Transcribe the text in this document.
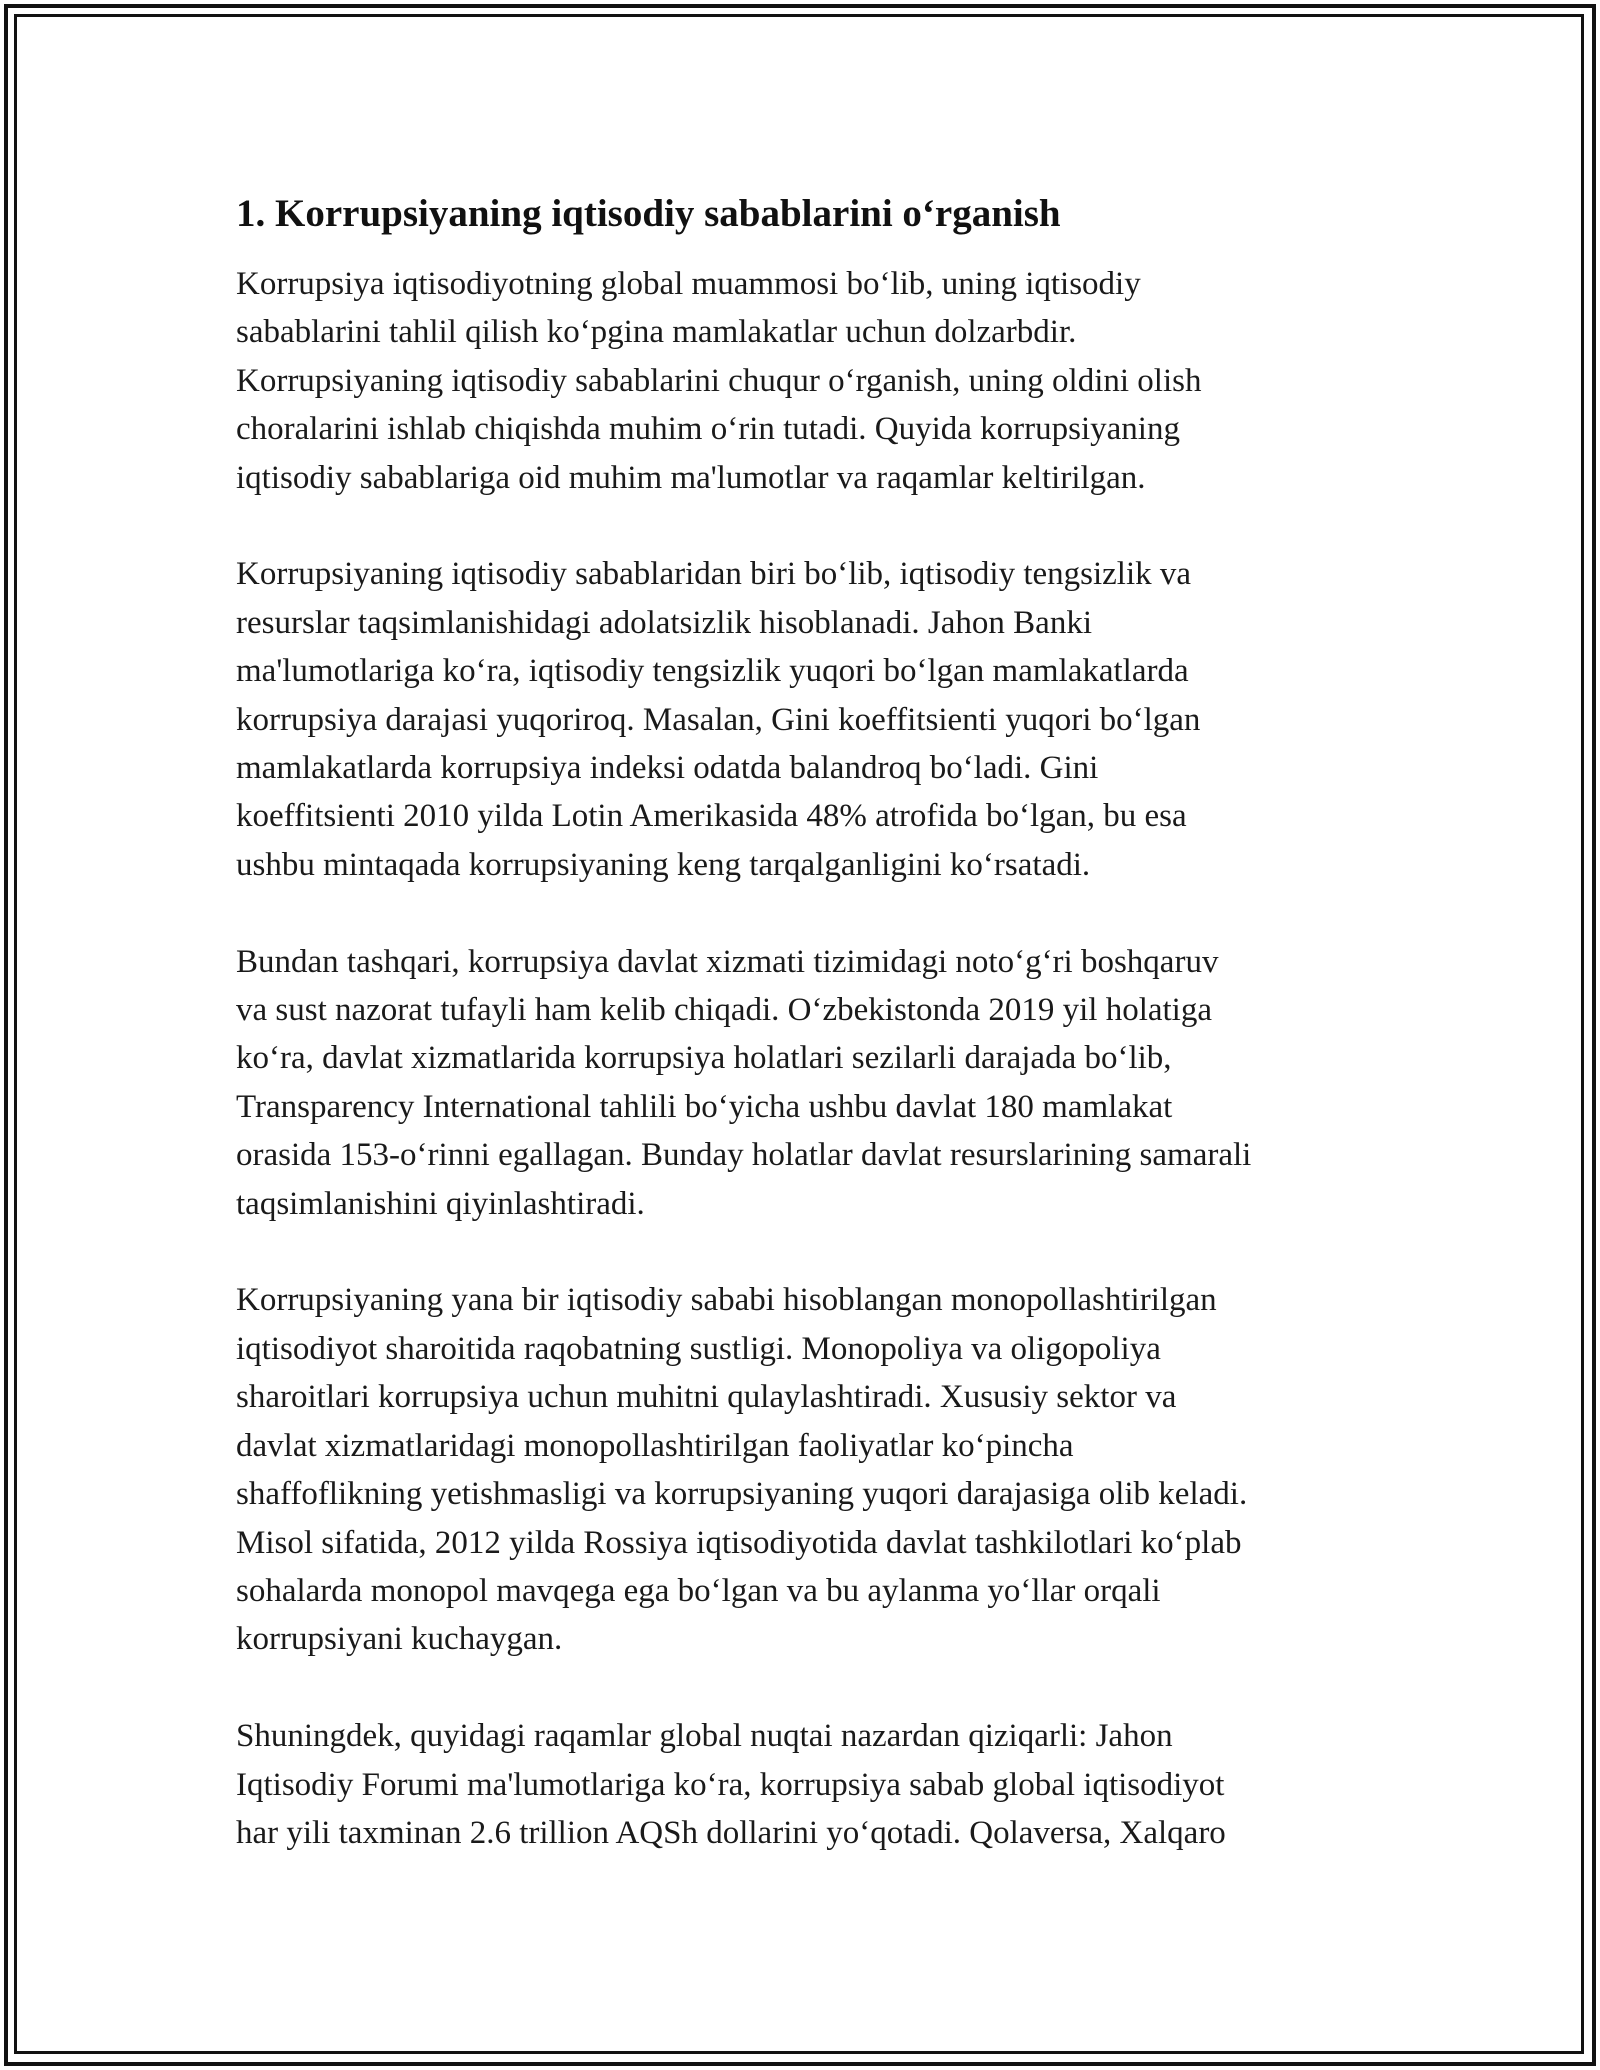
1. Korrupsiyaning iqtisodiy sabablarini o‘rganish

Korrupsiya iqtisodiyotning global muammosi bo‘lib, uning iqtisodiy
sabablarini tahlil qilish ko‘pgina mamlakatlar uchun dolzarbdir.
Korrupsiyaning iqtisodiy sabablarini chuqur o‘rganish, uning oldini olish
choralarini ishlab chiqishda muhim o‘rin tutadi. Quyida korrupsiyaning
iqtisodiy sabablariga oid muhim ma'lumotlar va raqamlar keltirilgan.

Korrupsiyaning iqtisodiy sabablaridan biri bo‘lib, iqtisodiy tengsizlik va
resurslar taqsimlanishidagi adolatsizlik hisoblanadi. Jahon Banki
ma'lumotlariga ko‘ra, iqtisodiy tengsizlik yuqori bo‘lgan mamlakatlarda
korrupsiya darajasi yuqoriroq. Masalan, Gini koeffitsienti yuqori bo‘lgan
mamlakatlarda korrupsiya indeksi odatda balandroq bo‘ladi. Gini
koeffitsienti 2010 yilda Lotin Amerikasida 48% atrofida bo‘lgan, bu esa
ushbu mintaqada korrupsiyaning keng tarqalganligini ko‘rsatadi.

Bundan tashqari, korrupsiya davlat xizmati tizimidagi noto‘g‘ri boshqaruv
va sust nazorat tufayli ham kelib chiqadi. O‘zbekistonda 2019 yil holatiga
ko‘ra, davlat xizmatlarida korrupsiya holatlari sezilarli darajada bo‘lib,
Transparency International tahlili bo‘yicha ushbu davlat 180 mamlakat
orasida 153-o‘rinni egallagan. Bunday holatlar davlat resurslarining samarali
taqsimlanishini qiyinlashtiradi.

Korrupsiyaning yana bir iqtisodiy sababi hisoblangan monopollashtirilgan
iqtisodiyot sharoitida raqobatning sustligi. Monopoliya va oligopoliya
sharoitlari korrupsiya uchun muhitni qulaylashtiradi. Xususiy sektor va
davlat xizmatlaridagi monopollashtirilgan faoliyatlar ko‘pincha
shaffoflikning yetishmasligi va korrupsiyaning yuqori darajasiga olib keladi.
Misol sifatida, 2012 yilda Rossiya iqtisodiyotida davlat tashkilotlari ko‘plab
sohalarda monopol mavqega ega bo‘lgan va bu aylanma yo‘llar orqali
korrupsiyani kuchaygan.

Shuningdek, quyidagi raqamlar global nuqtai nazardan qiziqarli: Jahon
Iqtisodiy Forumi ma'lumotlariga ko‘ra, korrupsiya sabab global iqtisodiyot
har yili taxminan 2.6 trillion AQSh dollarini yo‘qotadi. Qolaversa, Xalqaro
